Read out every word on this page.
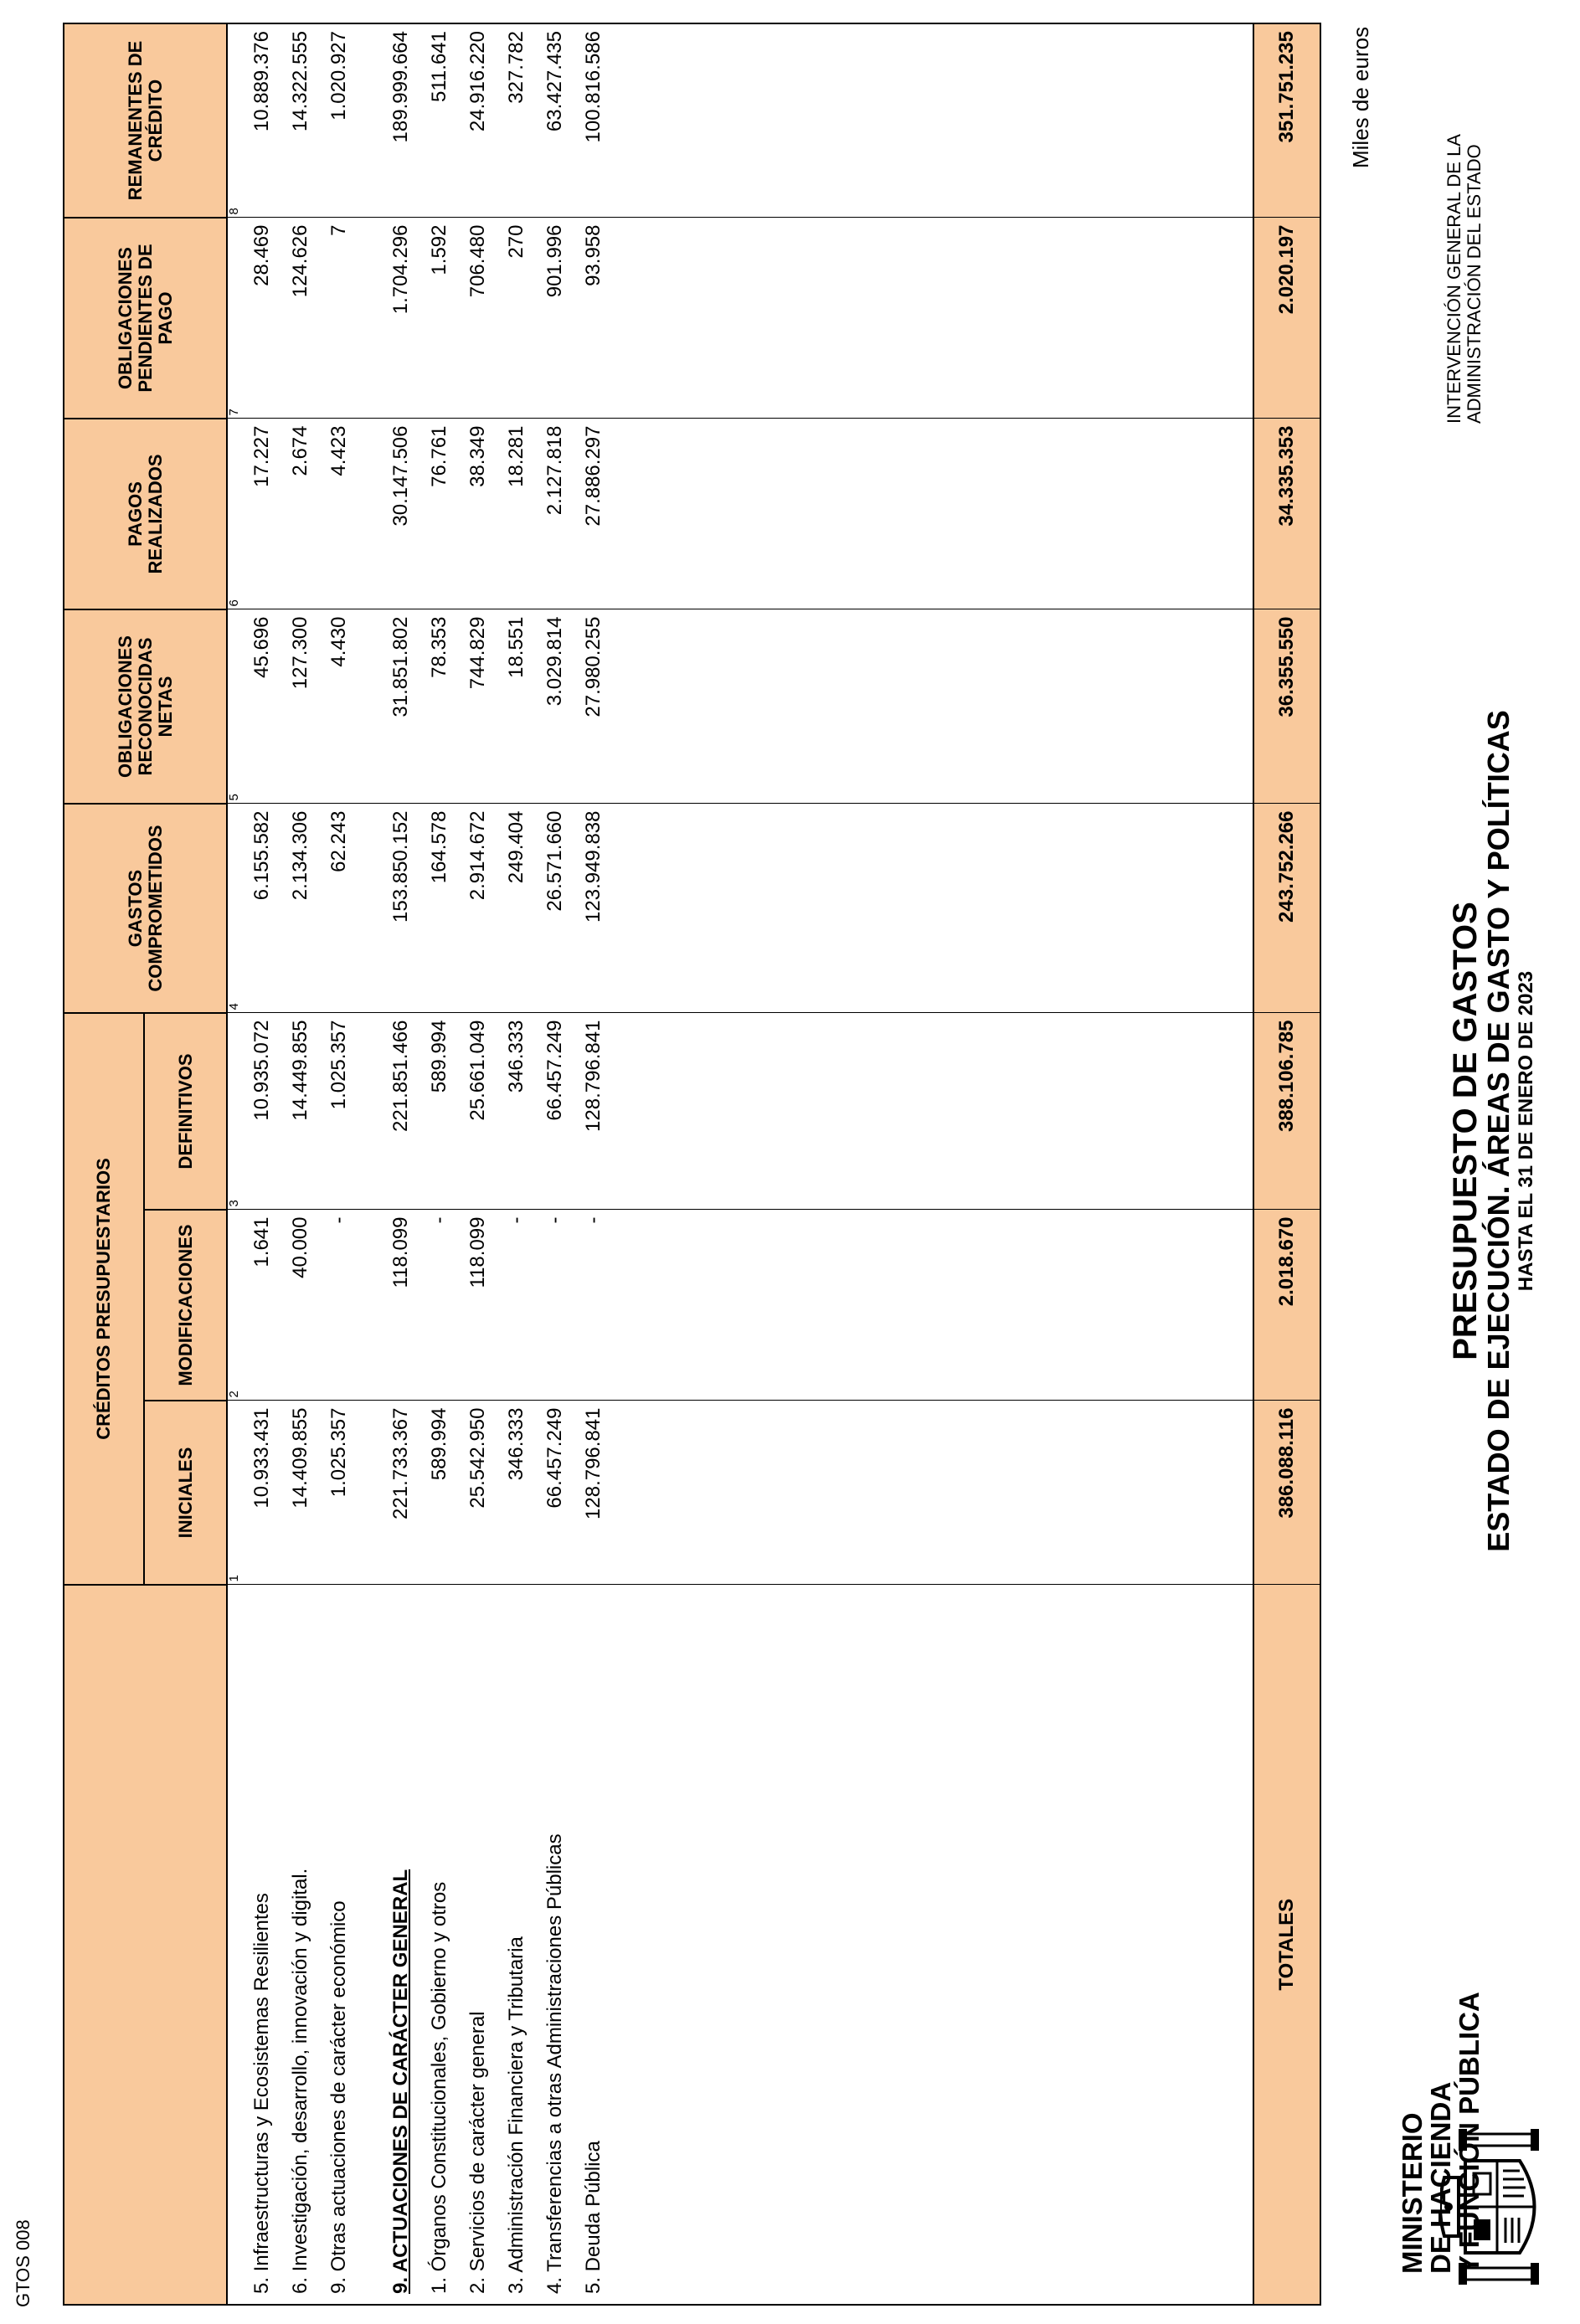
MINISTERIO
DE HACIENDA
Y FUNCIÓN PÚBLICA
PRESUPUESTO DE GASTOS
ESTADO DE EJECUCIÓN. ÁREAS DE GASTO Y POLÍTICAS HASTA EL 31 DE ENERO DE 2023
INTERVENCIÓN GENERAL DE LA ADMINISTRACIÓN DEL ESTADO
Miles de euros
GTOS 008
	CRÉDITOS PRESUPUESTARIOS			GASTOS COMPROMETIDOS	OBLIGACIONES RECONOCIDAS NETAS	PAGOS REALIZADOS	OBLIGACIONES PENDIENTES DE PAGO	REMANENTES DE CRÉDITO
	INICIALES	MODIFICACIONES	DEFINITIVOS					
	1	2	3	4	5	6	7	8
5. Infraestructuras y Ecosistemas Resilientes	10.933.431	1.641	10.935.072	6.155.582	45.696	17.227	28.469	10.889.376
6. Investigación, desarrollo, innovación y digital.	14.409.855	40.000	14.449.855	2.134.306	127.300	2.674	124.626	14.322.555
9. Otras actuaciones de carácter económico	1.025.357	-	1.025.357	62.243	4.430	4.423	7	1.020.927

9. ACTUACIONES DE CARÁCTER GENERAL	221.733.367	118.099	221.851.466	153.850.152	31.851.802	30.147.506	1.704.296	189.999.664
1. Órganos Constitucionales, Gobierno y otros	589.994	-	589.994	164.578	78.353	76.761	1.592	511.641
2. Servicios de carácter general	25.542.950	118.099	25.661.049	2.914.672	744.829	38.349	706.480	24.916.220
3. Administración Financiera y Tributaria	346.333	-	346.333	249.404	18.551	18.281	270	327.782
4. Transferencias a otras Administraciones Públicas	66.457.249	-	66.457.249	26.571.660	3.029.814	2.127.818	901.996	63.427.435
5. Deuda Pública	128.796.841	-	128.796.841	123.949.838	27.980.255	27.886.297	93.958	100.816.586

TOTALES	386.088.116	2.018.670	388.106.785	243.752.266	36.355.550	34.335.353	2.020.197	351.751.235
